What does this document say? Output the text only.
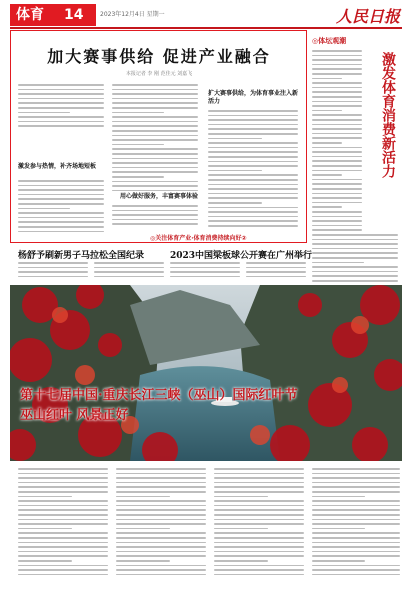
体育	14	2023年12月4日 星期一	人民日报
加大赛事供给 促进产业融合
本报记者 李 刚 范佳元 刘嘉飞
激发参与热情，补齐场地短板
扩大赛事供给，为体育事业注入新活力
用心做好服务，丰富赛事体验
◎关注体育产业·体育消费持续向好②
◎体坛观潮
激发体育消费新活力
杨舒予刷新男子马拉松全国纪录	2023中国梁板球公开赛在广州举行
第十七届中国·重庆长江三峡（巫山）国际红叶节
巫山红叶 风景正好
